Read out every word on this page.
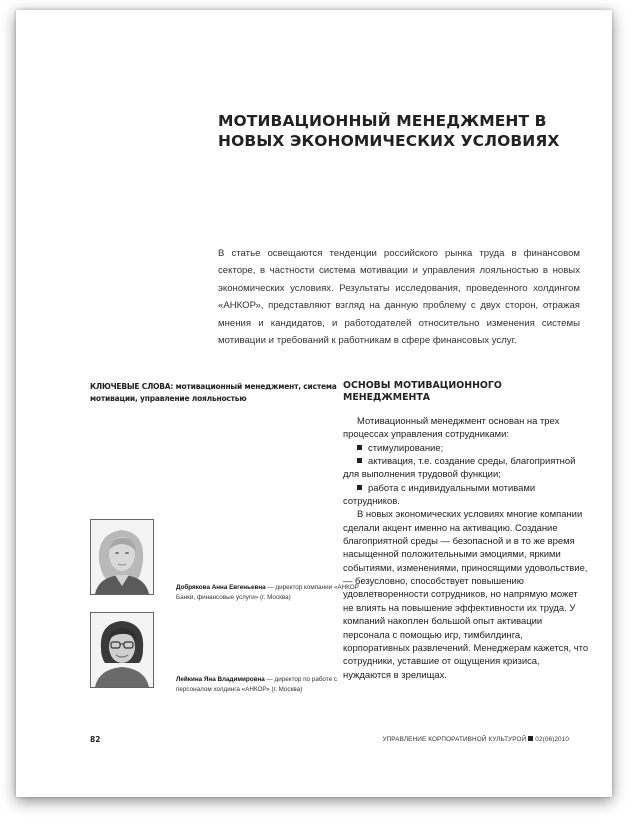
МОТИВАЦИОННЫЙ МЕНЕДЖМЕНТ В НОВЫХ ЭКОНОМИЧЕСКИХ УСЛОВИЯХ

В статье освещаются тенденции российского рынка труда в финансовом секторе, в частности система мотивации и управления лояльностью в новых экономических условиях. Результаты исследования, проведенного холдингом «АНКОР», представляют взгляд на данную проблему с двух сторон, отражая мнения и кандидатов, и работодателей относительно изменения системы мотивации и требований к работникам в сфере финансовых услуг.

КЛЮЧЕВЫЕ СЛОВА: мотивационный менеджмент, система мотивации, управление лояльностью

Добрякова Анна Евгеньевна — директор компании «АНКОР Банки, финансовые услуги» (г. Москва)

Лейкина Яна Владимировна — директор по работе с персоналом холдинга «АНКОР» (г. Москва)

ОСНОВЫ МОТИВАЦИОННОГО МЕНЕДЖМЕНТА

Мотивационный менеджмент основан на трех процессах управления сотрудниками:

стимулирование;

активация, т.е. создание среды, благоприятной для выполнения трудовой функции;

работа с индивидуальными мотивами сотрудников.

В новых экономических условиях многие компании сделали акцент именно на активацию. Создание благоприятной среды — безопасной и в то же время насыщенной положительными эмоциями, яркими событиями, изменениями, приносящими удовольствие, — безусловно, способствует повышению удовлетворенности сотрудников, но напрямую может не влиять на повышение эффективности их труда. У компаний накоплен большой опыт активации персонала с помощью игр, тимбилдинга, корпоративных развлечений. Менеджерам кажется, что сотрудники, уставшие от ощущения кризиса, нуждаются в зрелищах.

82	УПРАВЛЕНИЕ КОРПОРАТИВНОЙ КУЛЬТУРОЙ 02(06)2010
